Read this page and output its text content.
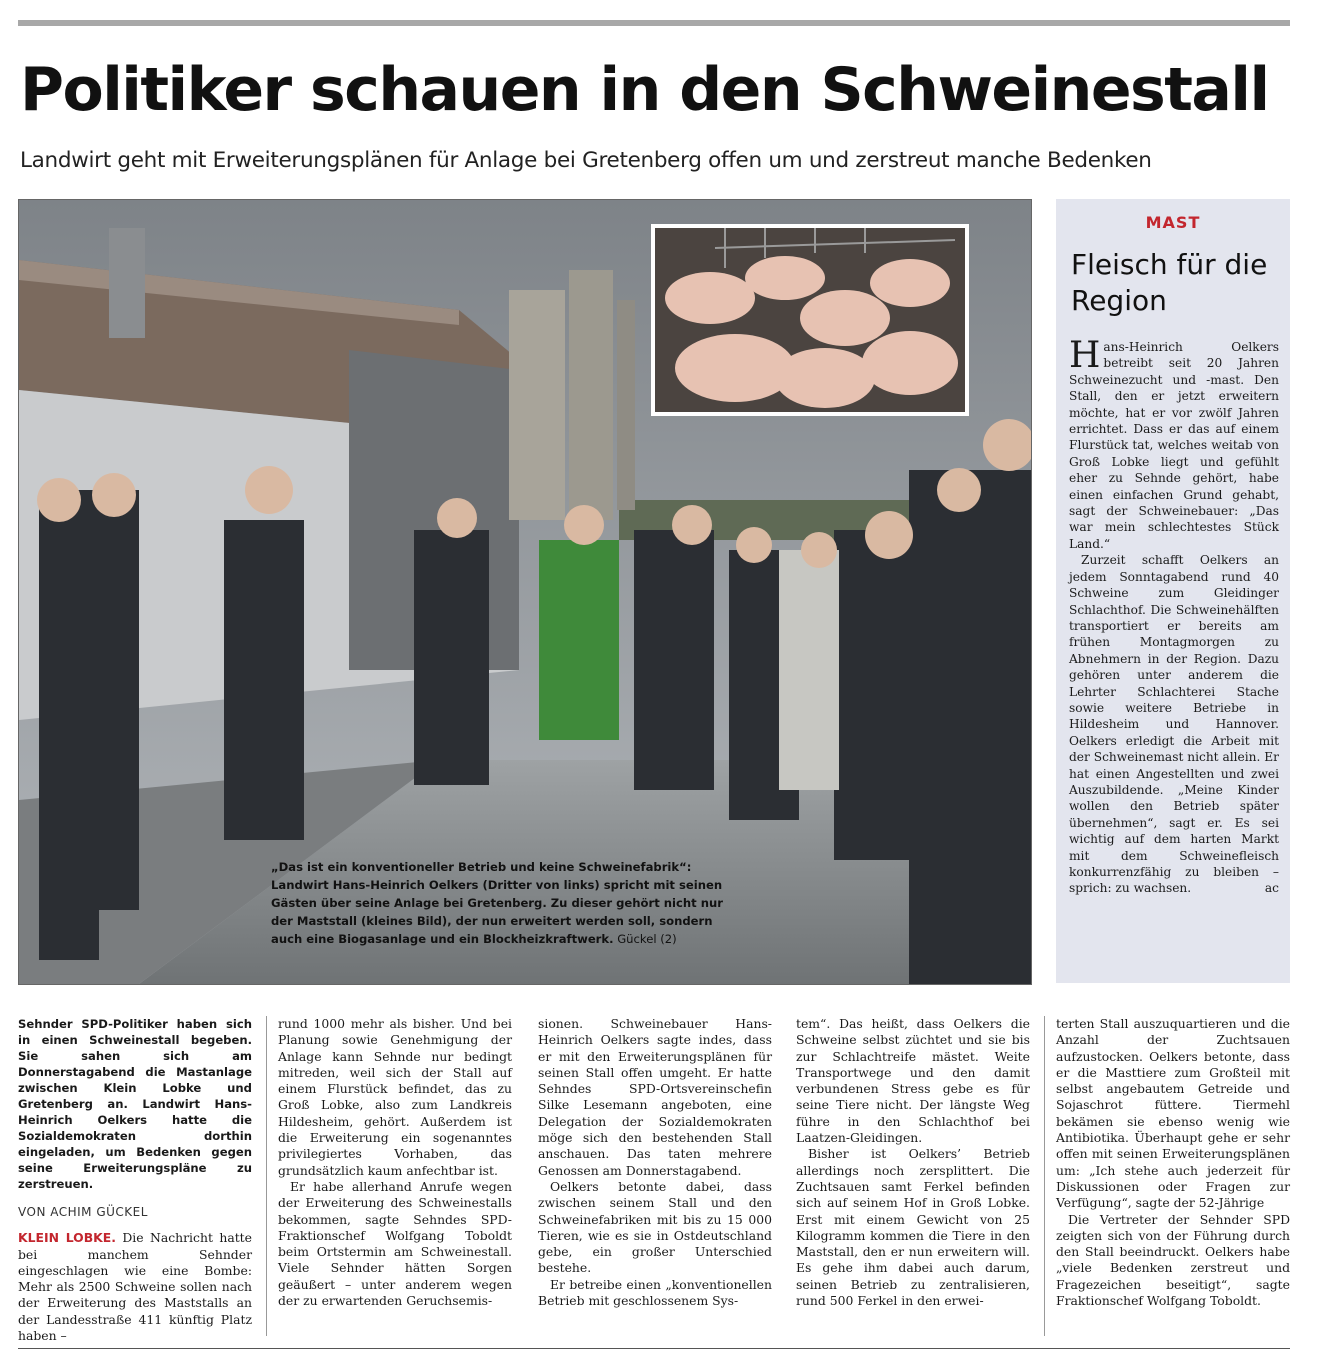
Politiker schauen in den Schweinestall
Landwirt geht mit Erweiterungsplänen für Anlage bei Gretenberg offen um und zerstreut manche Bedenken
„Das ist ein konventioneller Betrieb und keine Schweinefabrik“: Landwirt Hans-Heinrich Oelkers (Dritter von links) spricht mit seinen Gästen über seine Anlage bei Gretenberg. Zu dieser gehört nicht nur der Maststall (kleines Bild), der nun erweitert werden soll, sondern auch eine Biogasanlage und ein Blockheizkraftwerk. Gückel (2)
MAST
Fleisch für die Region

Hans-Heinrich Oelkers betreibt seit 20 Jahren Schweinezucht und -mast. Den Stall, den er jetzt erweitern möchte, hat er vor zwölf Jahren errichtet. Dass er das auf einem Flurstück tat, welches weitab von Groß Lobke liegt und gefühlt eher zu Sehnde gehört, habe einen einfachen Grund gehabt, sagt der Schweinebauer: „Das war mein schlechtestes Stück Land.“

Zurzeit schafft Oelkers an jedem Sonntagabend rund 40 Schweine zum Gleidinger Schlachthof. Die Schweinehälften transportiert er bereits am frühen Montagmorgen zu Abnehmern in der Region. Dazu gehören unter anderem die Lehrter Schlachterei Stache sowie weitere Betriebe in Hildesheim und Hannover. Oelkers erledigt die Arbeit mit der Schweinemast nicht allein. Er hat einen Angestellten und zwei Auszubildende. „Meine Kinder wollen den Betrieb später übernehmen“, sagt er. Es sei wichtig auf dem harten Markt mit dem Schweinefleisch konkurrenzfähig zu bleiben – sprich: zu wachsen.	ac

Sehnder SPD-Politiker haben sich in einen Schweinestall begeben. Sie sahen sich am Donnerstagabend die Mastanlage zwischen Klein Lobke und Gretenberg an. Landwirt Hans-Heinrich Oelkers hatte die Sozialdemokraten dorthin eingeladen, um Bedenken gegen seine Erweiterungspläne zu zerstreuen.

VON ACHIM GÜCKEL

KLEIN LOBKE. Die Nachricht hatte bei manchem Sehnder eingeschlagen wie eine Bombe: Mehr als 2500 Schweine sollen nach der Erweiterung des Maststalls an der Landesstraße 411 künftig Platz haben –

rund 1000 mehr als bisher. Und bei Planung sowie Genehmigung der Anlage kann Sehnde nur bedingt mitreden, weil sich der Stall auf einem Flurstück befindet, das zu Groß Lobke, also zum Landkreis Hildesheim, gehört. Außerdem ist die Erweiterung ein sogenanntes privilegiertes Vorhaben, das grundsätzlich kaum anfechtbar ist.

Er habe allerhand Anrufe wegen der Erweiterung des Schweinestalls bekommen, sagte Sehndes SPD-Fraktionschef Wolfgang Toboldt beim Ortstermin am Schweinestall. Viele Sehnder hätten Sorgen geäußert – unter anderem wegen der zu erwartenden Geruchsemis-

sionen. Schweinebauer Hans-Heinrich Oelkers sagte indes, dass er mit den Erweiterungsplänen für seinen Stall offen umgeht. Er hatte Sehndes SPD-Ortsvereinschefin Silke Lesemann angeboten, eine Delegation der Sozialdemokraten möge sich den bestehenden Stall anschauen. Das taten mehrere Genossen am Donnerstagabend.

Oelkers betonte dabei, dass zwischen seinem Stall und den Schweinefabriken mit bis zu 15 000 Tieren, wie es sie in Ostdeutschland gebe, ein großer Unterschied bestehe.

Er betreibe einen „konventionellen Betrieb mit geschlossenem Sys-

tem“. Das heißt, dass Oelkers die Schweine selbst züchtet und sie bis zur Schlachtreife mästet. Weite Transportwege und den damit verbundenen Stress gebe es für seine Tiere nicht. Der längste Weg führe in den Schlachthof bei Laatzen-Gleidingen.

Bisher ist Oelkers’ Betrieb allerdings noch zersplittert. Die Zuchtsauen samt Ferkel befinden sich auf seinem Hof in Groß Lobke. Erst mit einem Gewicht von 25 Kilogramm kommen die Tiere in den Maststall, den er nun erweitern will. Es gehe ihm dabei auch darum, seinen Betrieb zu zentralisieren, rund 500 Ferkel in den erwei-

terten Stall auszuquartieren und die Anzahl der Zuchtsauen aufzustocken. Oelkers betonte, dass er die Masttiere zum Großteil mit selbst angebautem Getreide und Sojaschrot füttere. Tiermehl bekämen sie ebenso wenig wie Antibiotika. Überhaupt gehe er sehr offen mit seinen Erweiterungsplänen um: „Ich stehe auch jederzeit für Diskussionen oder Fragen zur Verfügung“, sagte der 52-Jährige

Die Vertreter der Sehnder SPD zeigten sich von der Führung durch den Stall beeindruckt. Oelkers habe „viele Bedenken zerstreut und Fragezeichen beseitigt“, sagte Fraktionschef Wolfgang Toboldt.
